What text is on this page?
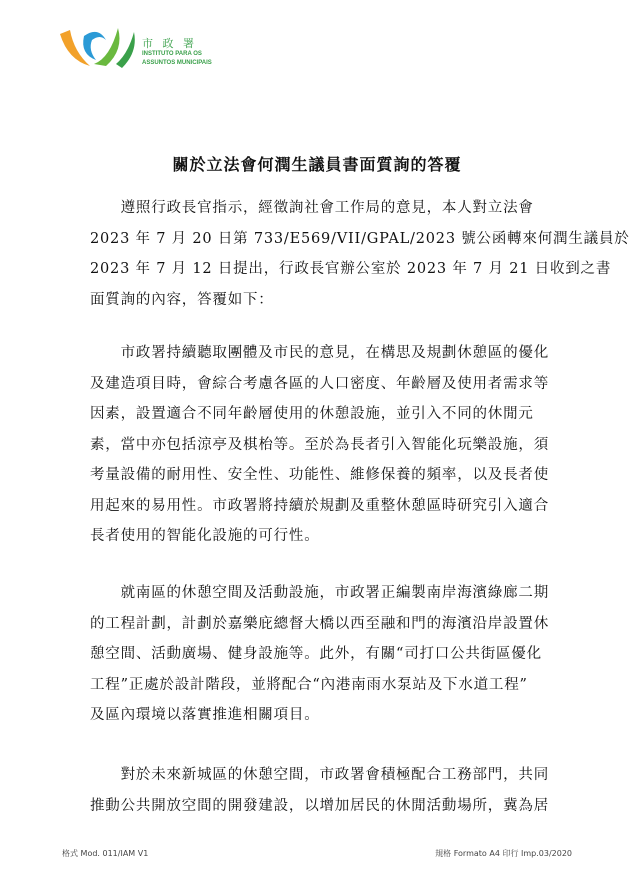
市 政 署
INSTITUTO PARA OS
ASSUNTOS MUNICIPAIS
關於立法會何潤生議員書面質詢的答覆
　　遵照行政長官指示，經徵詢社會工作局的意見，本人對立法會
2023 年 7 月 20 日第 733/E569/VII/GPAL/2023 號公函轉來何潤生議員於
2023 年 7 月 12 日提出，行政長官辦公室於 2023 年 7 月 21 日收到之書
面質詢的內容，答覆如下：
　　市政署持續聽取團體及市民的意見，在構思及規劃休憩區的優化
及建造項目時，會綜合考慮各區的人口密度、年齡層及使用者需求等
因素，設置適合不同年齡層使用的休憩設施，並引入不同的休閒元
素，當中亦包括涼亭及棋枱等。至於為長者引入智能化玩樂設施，須
考量設備的耐用性、安全性、功能性、維修保養的頻率，以及長者使
用起來的易用性。市政署將持續於規劃及重整休憩區時研究引入適合
長者使用的智能化設施的可行性。
　　就南區的休憩空間及活動設施，市政署正編製南岸海濱綠廊二期
的工程計劃，計劃於嘉樂庇總督大橋以西至融和門的海濱沿岸設置休
憩空間、活動廣場、健身設施等。此外，有關“司打口公共街區優化
工程”正處於設計階段，並將配合“內港南雨水泵站及下水道工程”
及區內環境以落實推進相關項目。
　　對於未來新城區的休憩空間，市政署會積極配合工務部門，共同
推動公共開放空間的開發建設，以增加居民的休閒活動場所，冀為居
格式 Mod. 011/IAM V1	規格 Formato A4 印行 Imp.03/2020
